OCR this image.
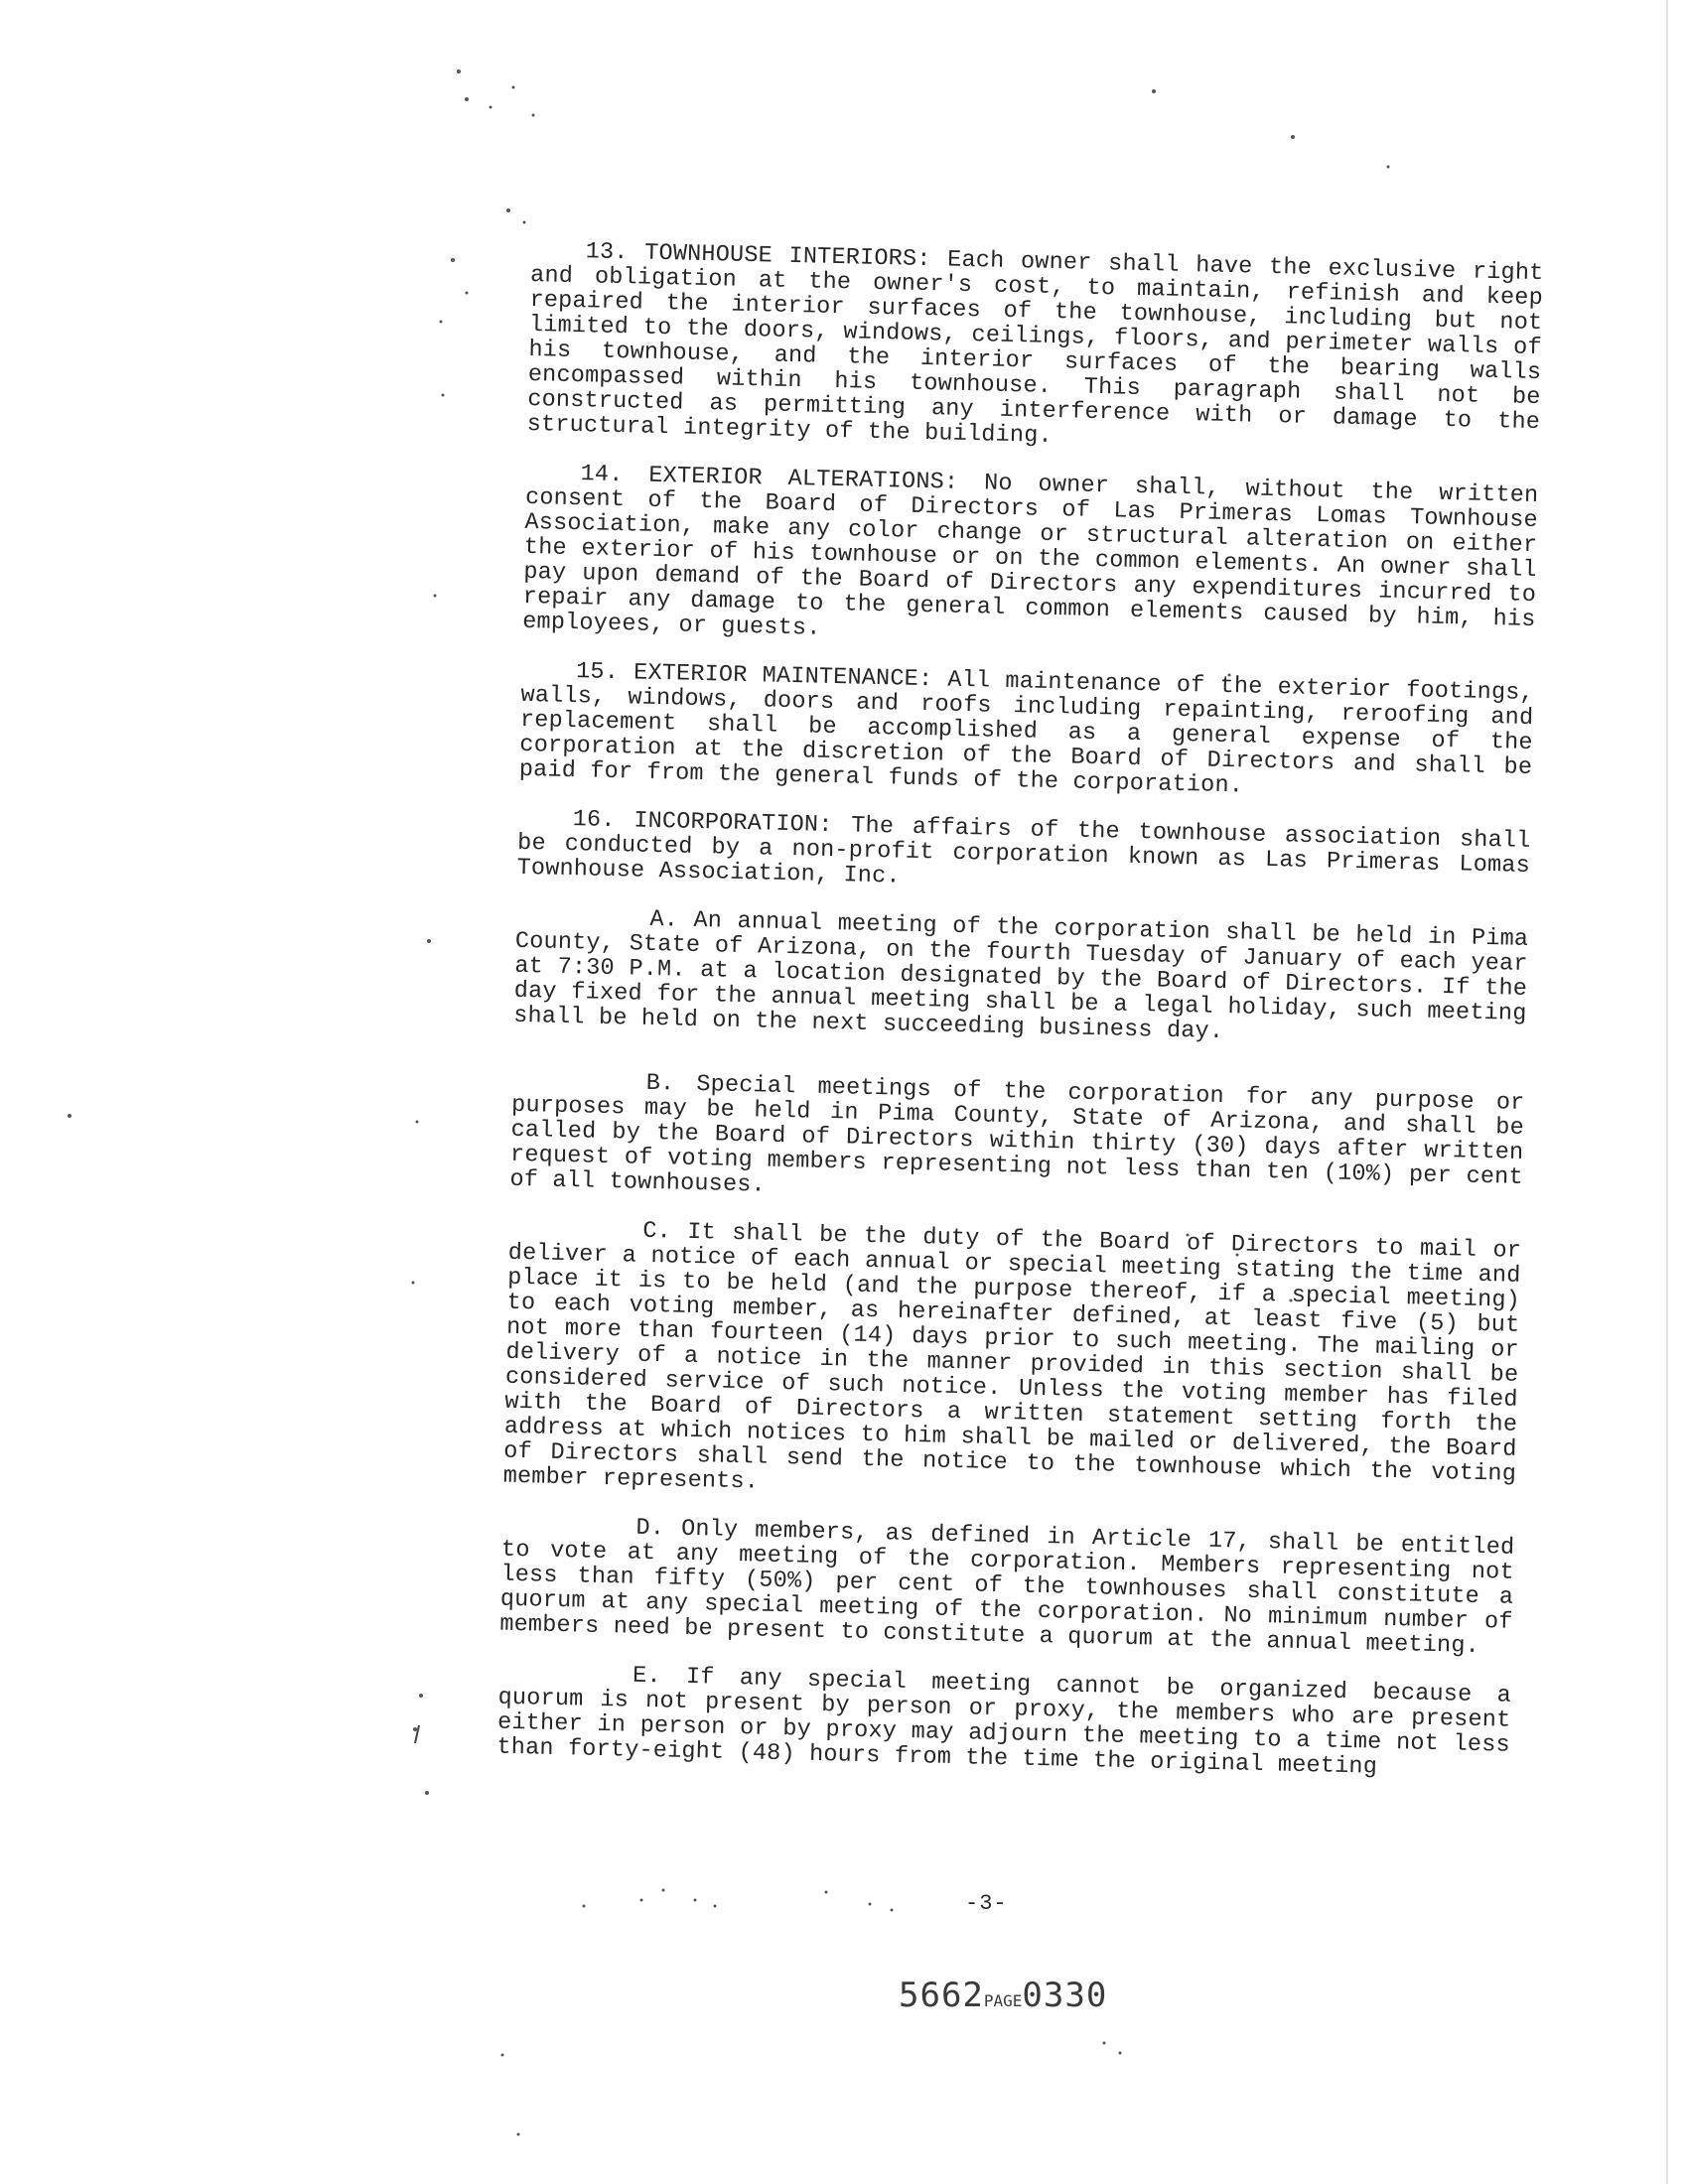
13. TOWNHOUSE INTERIORS: Each owner shall have the exclusive right and obligation at the owner's cost, to maintain, refinish and keep repaired the interior surfaces of the townhouse, including but not limited to the doors, windows, ceilings, floors, and perimeter walls of his townhouse, and the interior surfaces of the bearing walls encompassed within his townhouse. This paragraph shall not be constructed as permitting any interference with or damage to the structural integrity of the building.

14. EXTERIOR ALTERATIONS: No owner shall, without the written consent of the Board of Directors of Las Primeras Lomas Townhouse Association, make any color change or structural alteration on either the exterior of his townhouse or on the common elements. An owner shall pay upon demand of the Board of Directors any expenditures incurred to repair any damage to the general common elements caused by him, his employees, or guests.

15. EXTERIOR MAINTENANCE: All maintenance of the exterior footings, walls, windows, doors and roofs including repainting, reroofing and replacement shall be accomplished as a general expense of the corporation at the discretion of the Board of Directors and shall be paid for from the general funds of the corporation.

16. INCORPORATION: The affairs of the townhouse association shall be conducted by a non-profit corporation known as Las Primeras Lomas Townhouse Association, Inc.

A. An annual meeting of the corporation shall be held in Pima County, State of Arizona, on the fourth Tuesday of January of each year at 7:30 P.M. at a location designated by the Board of Directors. If the day fixed for the annual meeting shall be a legal holiday, such meeting shall be held on the next succeeding business day.

B. Special meetings of the corporation for any purpose or purposes may be held in Pima County, State of Arizona, and shall be called by the Board of Directors within thirty (30) days after written request of voting members representing not less than ten (10%) per cent of all townhouses.

C. It shall be the duty of the Board of Directors to mail or deliver a notice of each annual or special meeting stating the time and place it is to be held (and the purpose thereof, if a special meeting) to each voting member, as hereinafter defined, at least five (5) but not more than fourteen (14) days prior to such meeting. The mailing or delivery of a notice in the manner provided in this section shall be considered service of such notice. Unless the voting member has filed with the Board of Directors a written statement setting forth the address at which notices to him shall be mailed or delivered, the Board of Directors shall send the notice to the townhouse which the voting member represents.

D. Only members, as defined in Article 17, shall be entitled to vote at any meeting of the corporation. Members representing not less than fifty (50%) per cent of the townhouses shall constitute a quorum at any special meeting of the corporation. No minimum number of members need be present to constitute a quorum at the annual meeting.

E. If any special meeting cannot be organized because a quorum is not present by person or proxy, the members who are present either in person or by proxy may adjourn the meeting to a time not less than forty-eight (48) hours from the time the original meeting

-3-
5662PAGE0330
